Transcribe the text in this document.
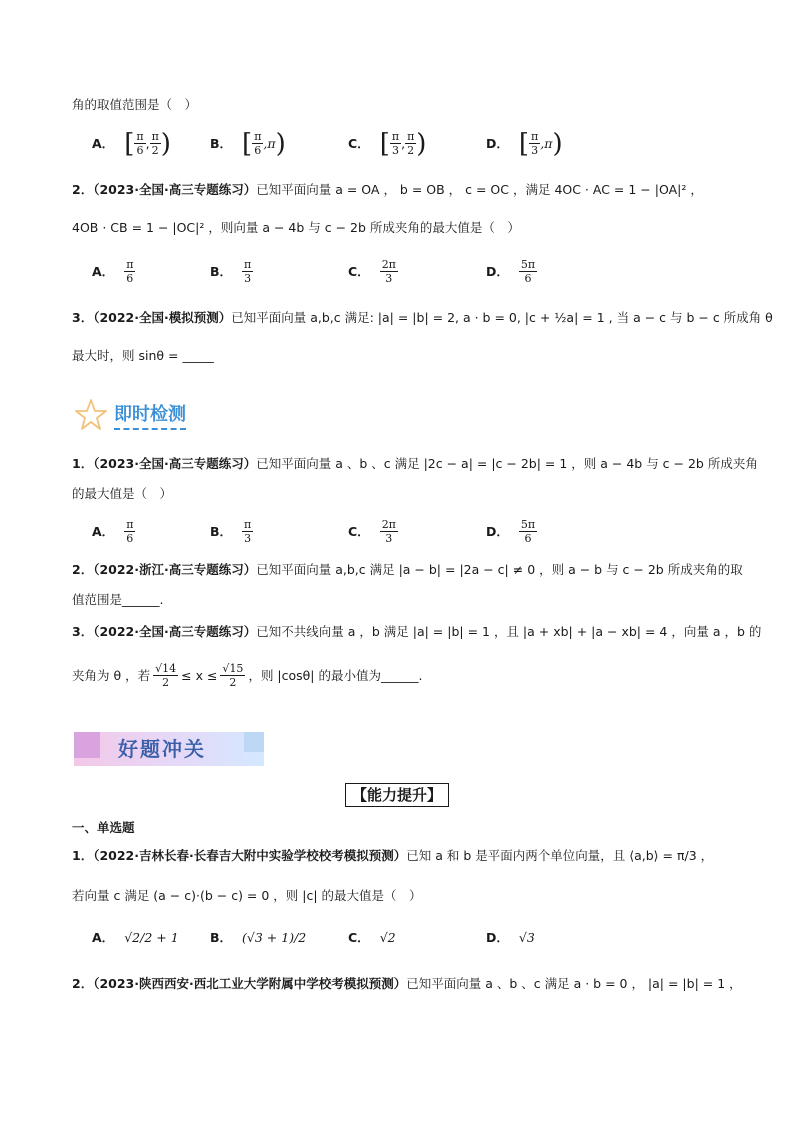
角的取值范围是（　）
A． [ $\frac{\pi}{6}$ , $\frac{\pi}{2}$ )	B． [ $\frac{\pi}{6} ,\pi$ )	C． [ $\frac{\pi}{3}$ , $\frac{\pi}{2}$ )	D． [ $\frac{\pi}{3} ,\pi$ )
2．（2023·全国·高三专题练习）已知平面向量 a = OA ， b = OB ， c = OC ，满足 4OC · AC = 1 − |OA|² ，
4OB · CB = 1 − |OC|² ，则向量 a − 4b 与 c − 2b 所成夹角的最大值是（　）
A． $\frac{\pi}{6}$	B． $\frac{\pi}{3}$	C． $\frac{2\pi}{3}$	D． $\frac{5\pi}{6}$
3．（2022·全国·模拟预测）已知平面向量 a,b,c 满足: |a| = |b| = 2, a · b = 0, |c + ½a| = 1 , 当 a − c 与 b − c 所成角 θ
最大时，则 sinθ = _____
即时检测
1．（2023·全国·高三专题练习）已知平面向量 a 、b 、c 满足 |2c − a| = |c − 2b| = 1 ，则 a − 4b 与 c − 2b 所成夹角
的最大值是（　）
A． $\frac{\pi}{6}$	B． $\frac{\pi}{3}$	C． $\frac{2\pi}{3}$	D． $\frac{5\pi}{6}$
2．（2022·浙江·高三专题练习）已知平面向量 a,b,c 满足 |a − b| = |2a − c| ≠ 0 ，则 a − b 与 c − 2b 所成夹角的取
值范围是______.
3．（2022·全国·高三专题练习）已知不共线向量 a ，b 满足 |a| = |b| = 1 ，且 |a + xb| + |a − xb| = 4 ，向量 a ，b 的
夹角为 θ ，若 $\frac{√14}{2} \le x \le \frac{√15}{2}$ ，则 |cosθ| 的最小值为______.
好题冲关
【能力提升】
一、单选题
1．（2022·吉林长春·长春吉大附中实验学校校考模拟预测）已知 a 和 b 是平面内两个单位向量，且 ⟨a,b⟩ = π/3 ，
若向量 c 满足 (a − c)·(b − c) = 0 ，则 |c| 的最大值是（　）
A． √2/2 + 1	B． (√3 + 1)/2	C． √2	D． √3
2．（2023·陕西西安·西北工业大学附属中学校考模拟预测）已知平面向量 a 、b 、c 满足 a · b = 0 ， |a| = |b| = 1 ，
